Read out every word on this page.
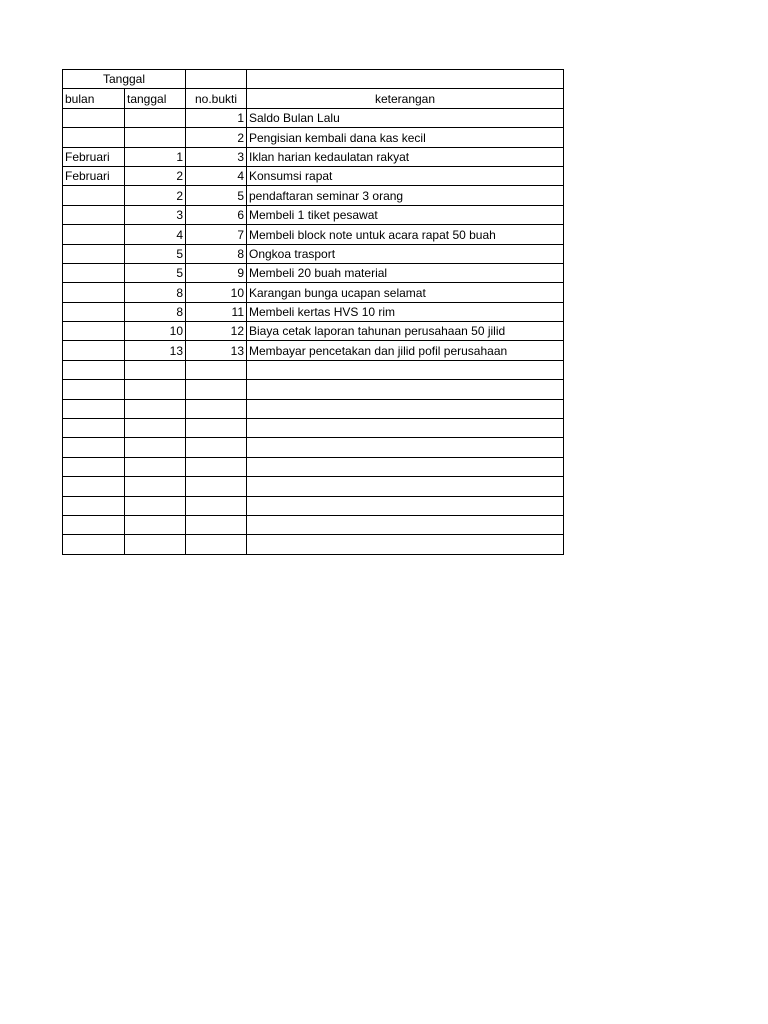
Tanggal			
bulan	tanggal	no.bukti	keterangan
		1	Saldo Bulan Lalu
		2	Pengisian kembali dana kas kecil
Februari	1	3	Iklan harian kedaulatan rakyat
Februari	2	4	Konsumsi rapat
	2	5	pendaftaran seminar 3 orang
	3	6	Membeli 1 tiket pesawat
	4	7	Membeli block note untuk acara rapat 50 buah
	5	8	Ongkoa trasport
	5	9	Membeli 20 buah material
	8	10	Karangan bunga ucapan selamat
	8	11	Membeli kertas HVS 10 rim
	10	12	Biaya cetak laporan tahunan perusahaan 50 jilid
	13	13	Membayar pencetakan dan jilid pofil perusahaan
